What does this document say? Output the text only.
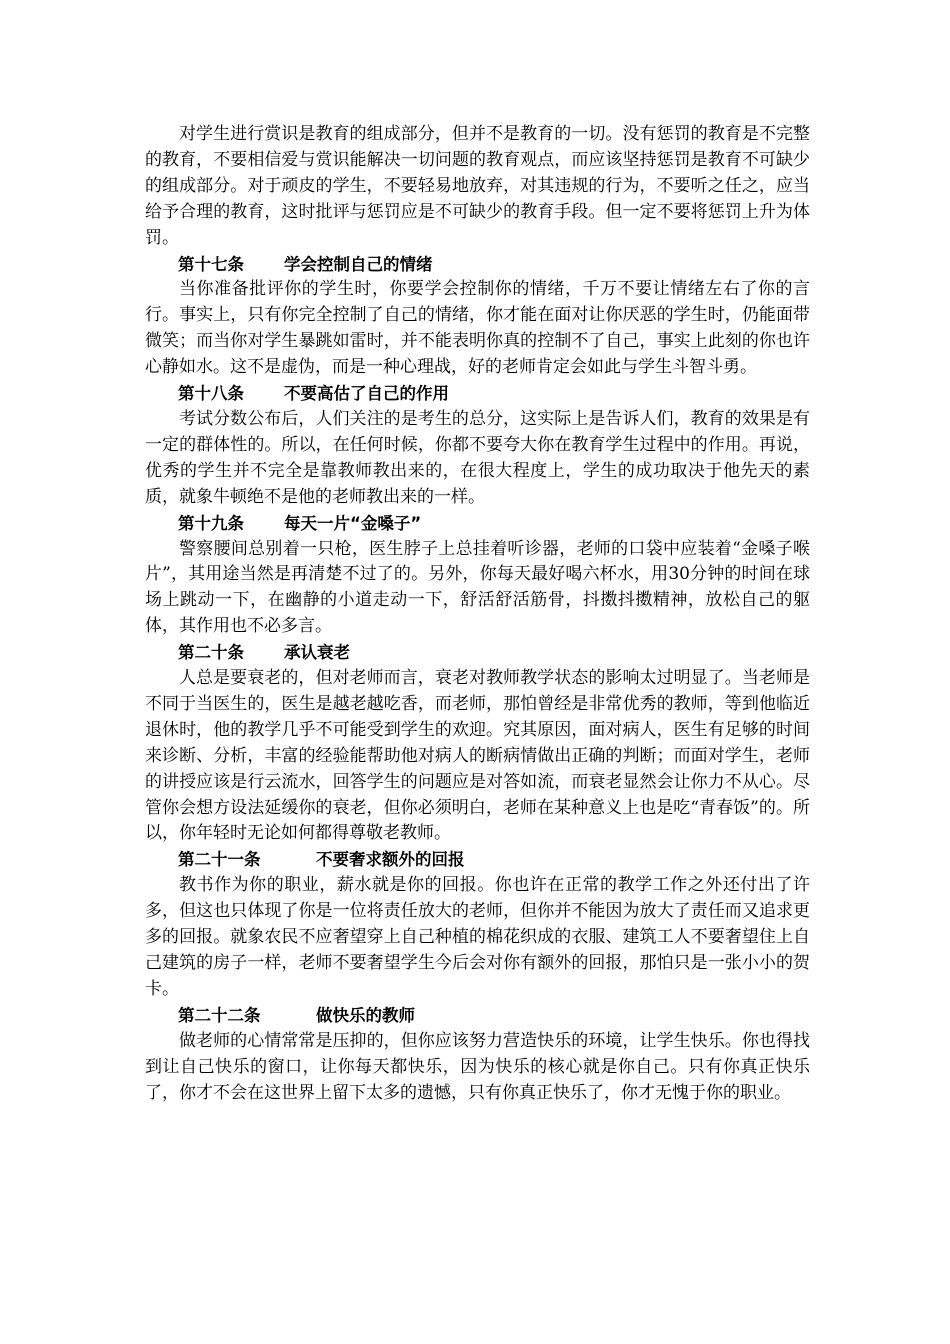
对学生进行赏识是教育的组成部分，但并不是教育的一切。没有惩罚的教育是不完整的教育，不要相信爱与赏识能解决一切问题的教育观点，而应该坚持惩罚是教育不可缺少的组成部分。对于顽皮的学生，不要轻易地放弃，对其违规的行为，不要听之任之，应当给予合理的教育，这时批评与惩罚应是不可缺少的教育手段。但一定不要将惩罚上升为体罚。

第十七条 学会控制自己的情绪

当你准备批评你的学生时，你要学会控制你的情绪，千万不要让情绪左右了你的言行。事实上，只有你完全控制了自己的情绪，你才能在面对让你厌恶的学生时，仍能面带微笑；而当你对学生暴跳如雷时，并不能表明你真的控制不了自己，事实上此刻的你也许心静如水。这不是虚伪，而是一种心理战，好的老师肯定会如此与学生斗智斗勇。

第十八条 不要高估了自己的作用

考试分数公布后，人们关注的是考生的总分，这实际上是告诉人们，教育的效果是有一定的群体性的。所以，在任何时候，你都不要夸大你在教育学生过程中的作用。再说，优秀的学生并不完全是靠教师教出来的，在很大程度上，学生的成功取决于他先天的素质，就象牛顿绝不是他的老师教出来的一样。

第十九条 每天一片“金嗓子”

警察腰间总别着一只枪，医生脖子上总挂着听诊器，老师的口袋中应装着“金嗓子喉片”，其用途当然是再清楚不过了的。另外，你每天最好喝六杯水，用30分钟的时间在球场上跳动一下，在幽静的小道走动一下，舒活舒活筋骨，抖擞抖擞精神，放松自己的躯体，其作用也不必多言。

第二十条 承认衰老

人总是要衰老的，但对老师而言，衰老对教师教学状态的影响太过明显了。当老师是不同于当医生的，医生是越老越吃香，而老师，那怕曾经是非常优秀的教师，等到他临近退休时，他的教学几乎不可能受到学生的欢迎。究其原因，面对病人，医生有足够的时间来诊断、分析，丰富的经验能帮助他对病人的断病情做出正确的判断；而面对学生，老师的讲授应该是行云流水，回答学生的问题应是对答如流，而衰老显然会让你力不从心。尽管你会想方设法延缓你的衰老，但你必须明白，老师在某种意义上也是吃“青春饭”的。所以，你年轻时无论如何都得尊敬老教师。

第二十一条	不要奢求额外的回报

教书作为你的职业，薪水就是你的回报。你也许在正常的教学工作之外还付出了许多，但这也只体现了你是一位将责任放大的老师，但你并不能因为放大了责任而又追求更多的回报。就象农民不应奢望穿上自己种植的棉花织成的衣服、建筑工人不要奢望住上自己建筑的房子一样，老师不要奢望学生今后会对你有额外的回报，那怕只是一张小小的贺卡。

第二十二条	做快乐的教师

做老师的心情常常是压抑的，但你应该努力营造快乐的环境，让学生快乐。你也得找到让自己快乐的窗口，让你每天都快乐，因为快乐的核心就是你自己。只有你真正快乐了，你才不会在这世界上留下太多的遗憾，只有你真正快乐了，你才无愧于你的职业。
